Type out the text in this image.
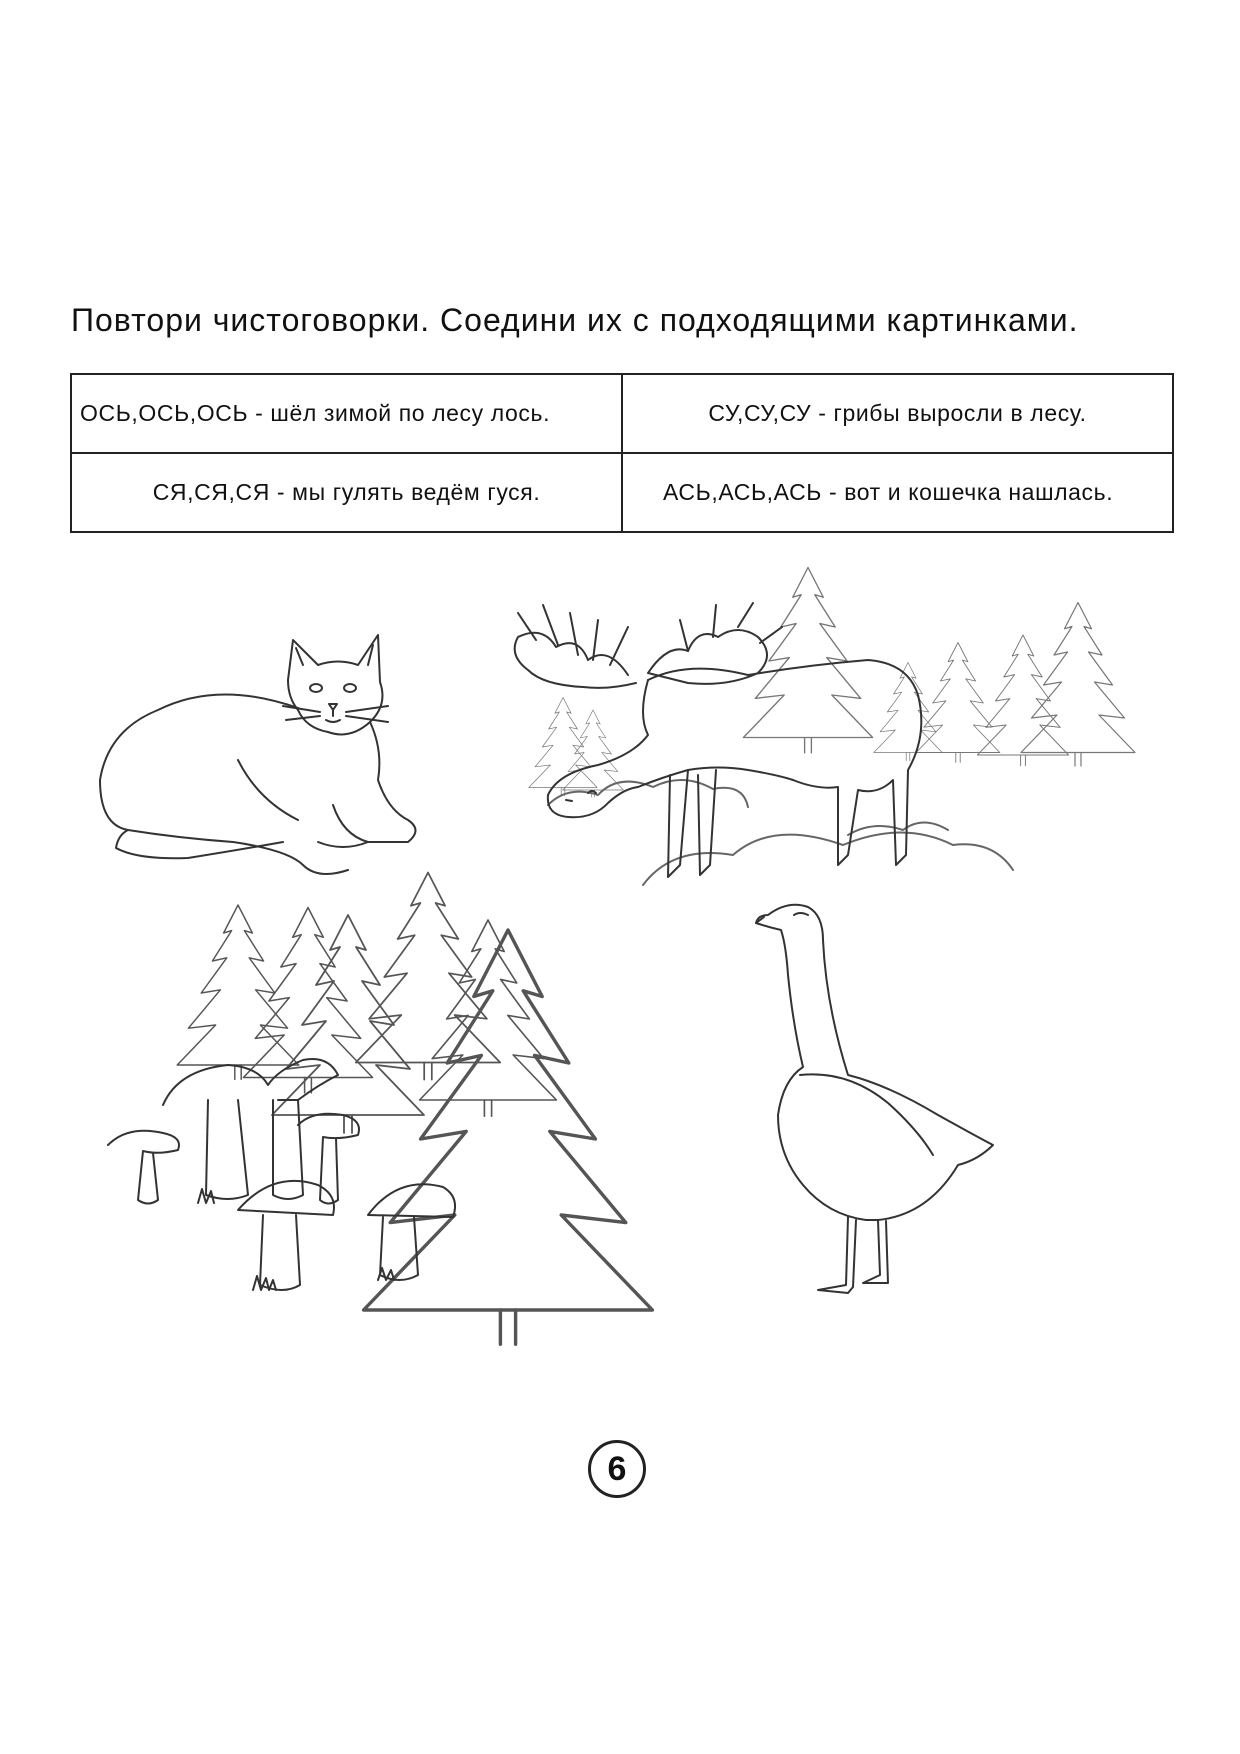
Повтори чистоговорки. Соедини их с подходящими картинками.
ОСЬ,ОСЬ,ОСЬ - шёл зимой по лесу лось.	СУ,СУ,СУ - грибы выросли в лесу.
СЯ,СЯ,СЯ - мы гулять ведём гуся.	АСЬ,АСЬ,АСЬ - вот и кошечка нашлась.
6
